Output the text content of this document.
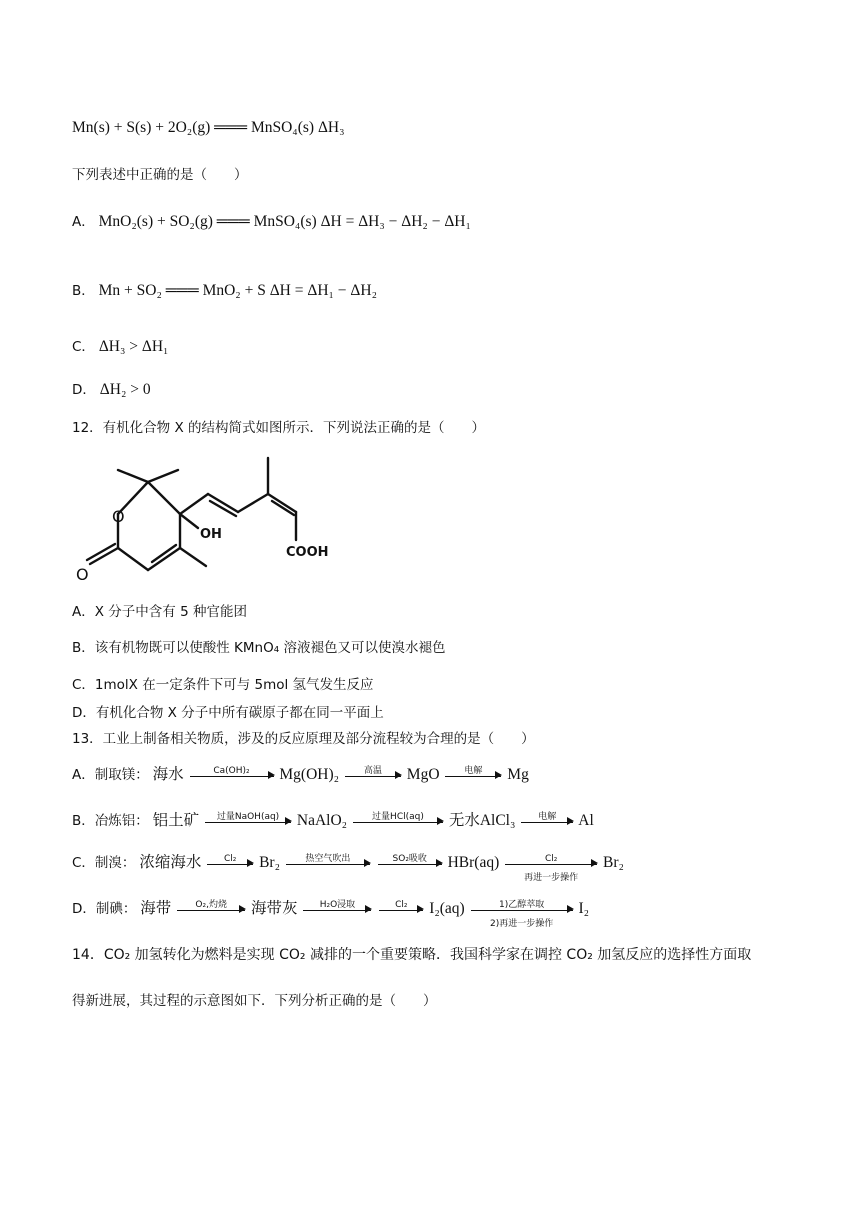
Mn(s) + S(s) + 2O₂(g) ═══ MnSO₄(s) ΔH₃
下列表述中正确的是（　　）
A． MnO₂(s) + SO₂(g) ═══ MnSO₄(s) ΔH = ΔH₃ − ΔH₂ − ΔH₁
B． Mn + SO₂ ═══ MnO₂ + S ΔH = ΔH₁ − ΔH₂
C． ΔH₃ > ΔH₁
D． ΔH₂ > 0
12．有机化合物 X 的结构简式如图所示．下列说法正确的是（　　）
O
O
OH
COOH
A．X 分子中含有 5 种官能团
B．该有机物既可以使酸性 KMnO₄ 溶液褪色又可以使溴水褪色
C．1molX 在一定条件下可与 5mol 氢气发生反应
D．有机化合物 X 分子中所有碳原子都在同一平面上
13．工业上制备相关物质，涉及的反应原理及部分流程较为合理的是（　　）
A．制取镁： 海水	Ca(OH)₂	Mg(OH)₂	高温	MgO	电解	Mg
B．冶炼铝： 铝土矿	过量NaOH(aq)	NaAlO₂	过量HCl(aq)	无水AlCl₃	电解	Al
C．制溴： 浓缩海水	Cl₂	Br₂	热空气吹出
	SO₂吸收	HBr(aq)	Cl₂
再进一步操作
Br₂
D．制碘： 海带	O₂,灼烧	海带灰	H₂O浸取
	Cl₂	I₂(aq)	1)乙醇萃取
2)再进一步操作
I₂
14．CO₂ 加氢转化为燃料是实现 CO₂ 减排的一个重要策略．我国科学家在调控 CO₂ 加氢反应的选择性方面取
得新进展，其过程的示意图如下．下列分析正确的是（　　）
